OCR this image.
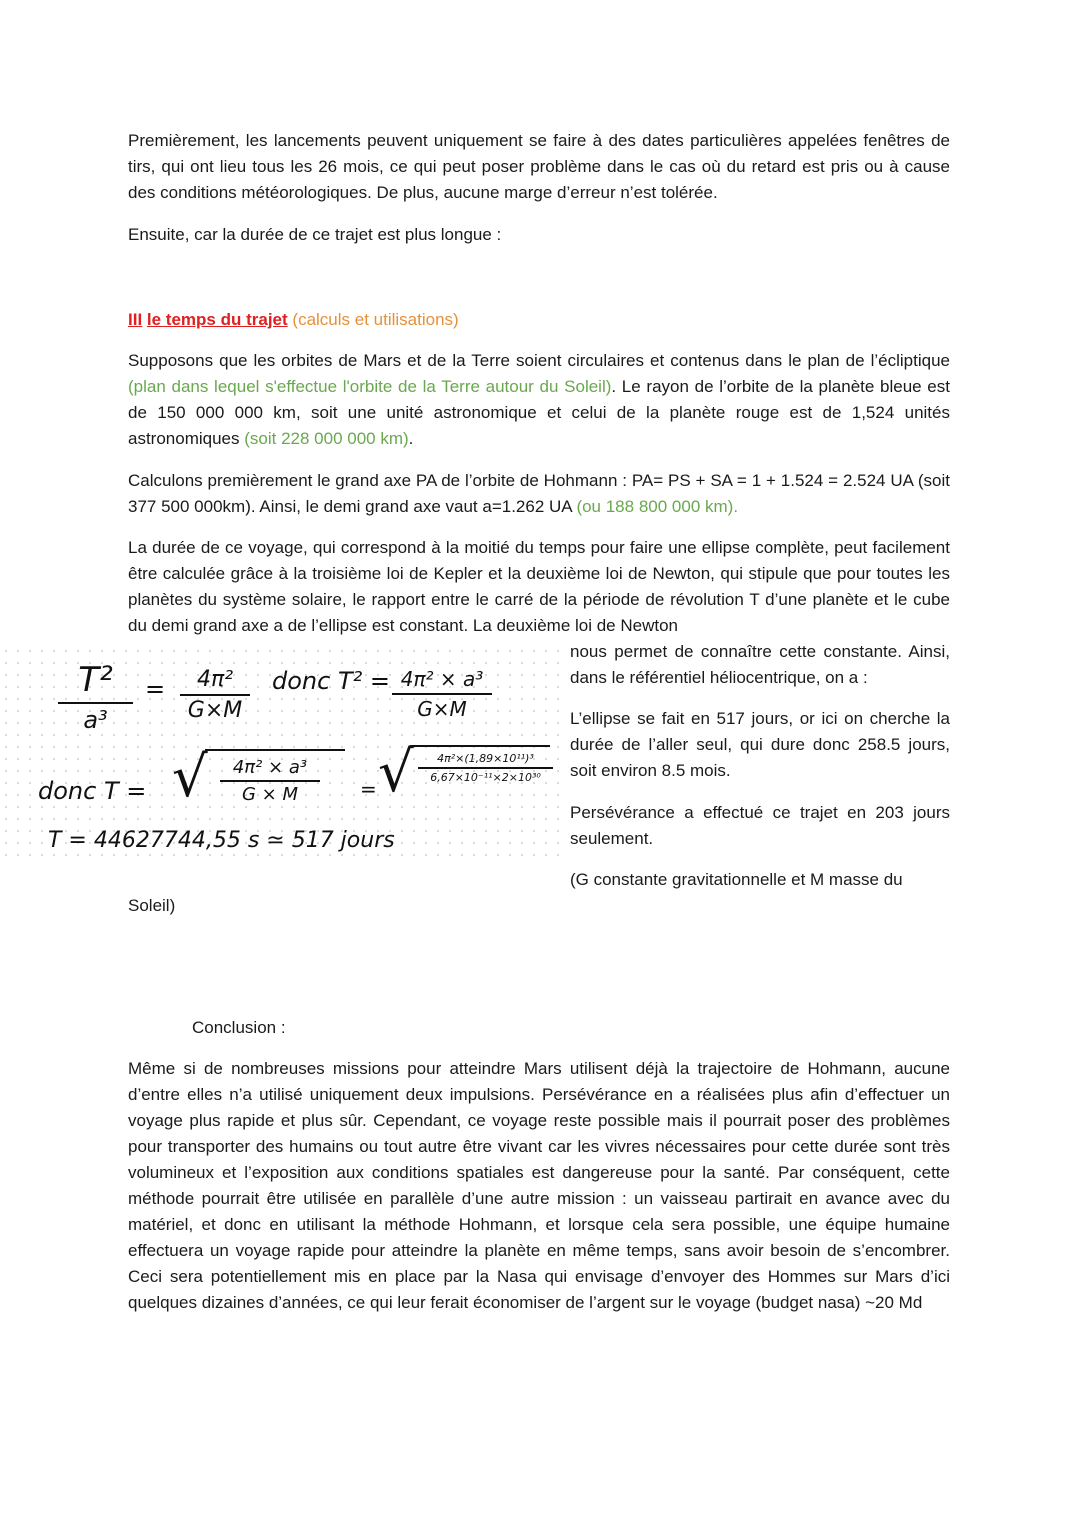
Premièrement, les lancements peuvent uniquement se faire à des dates particulières appelées fenêtres de tirs, qui ont lieu tous les 26 mois, ce qui peut poser problème dans le cas où du retard est pris ou à cause des conditions météorologiques. De plus, aucune marge d’erreur n’est tolérée.
Ensuite, car la durée de ce trajet est plus longue :
III le temps du trajet (calculs et utilisations)
Supposons que les orbites de Mars et de la Terre soient circulaires et contenus dans le plan de l’écliptique (plan dans lequel s'effectue l'orbite de la Terre autour du Soleil). Le rayon de l’orbite de la planète bleue est de 150 000 000 km, soit une unité astronomique et celui de la planète rouge est de 1,524 unités astronomiques (soit 228 000 000 km).
Calculons premièrement le grand axe PA de l’orbite de Hohmann : PA= PS + SA = 1 + 1.524 = 2.524 UA (soit 377 500 000km). Ainsi, le demi grand axe vaut a=1.262 UA (ou 188 800 000 km).
La durée de ce voyage, qui correspond à la moitié du temps pour faire une ellipse complète, peut facilement être calculée grâce à la troisième loi de Kepler et la deuxième loi de Newton, qui stipule que pour toutes les planètes du système solaire, le rapport entre le carré de la période de révolution T d’une planète et le cube du demi grand axe a de l’ellipse est constant. La deuxième loi de Newton
nous permet de connaître cette constante. Ainsi, dans le référentiel héliocentrique, on a :
L’ellipse se fait en 517 jours, or ici on cherche la durée de l’aller seul, qui dure donc 258.5 jours, soit environ 8.5 mois.
Persévérance a effectué ce trajet en 203 jours seulement.
(G constante gravitationnelle et M masse du
Soleil)
T²
a³
=	4π²
G×M
donc T² = 4π² × a³
G×M
donc T = √	4π² × a³
G × M	= √	4π²×(1,89×10¹¹)³
6,67×10⁻¹¹×2×10³⁰
T = 44627744,55 s ≃ 517 jours
Conclusion :
Même si de nombreuses missions pour atteindre Mars utilisent déjà la trajectoire de Hohmann, aucune d’entre elles n’a utilisé uniquement deux impulsions. Persévérance en a réalisées plus afin d’effectuer un voyage plus rapide et plus sûr. Cependant, ce voyage reste possible mais il pourrait poser des problèmes pour transporter des humains ou tout autre être vivant car les vivres nécessaires pour cette durée sont très volumineux et l’exposition aux conditions spatiales est dangereuse pour la santé. Par conséquent, cette méthode pourrait être utilisée en parallèle d’une autre mission : un vaisseau partirait en avance avec du matériel, et donc en utilisant la méthode Hohmann, et lorsque cela sera possible, une équipe humaine effectuera un voyage rapide pour atteindre la planète en même temps, sans avoir besoin de s’encombrer. Ceci sera potentiellement mis en place par la Nasa qui envisage d’envoyer des Hommes sur Mars d’ici quelques dizaines d’années, ce qui leur ferait économiser de l’argent sur le voyage (budget nasa) ~20 Md
